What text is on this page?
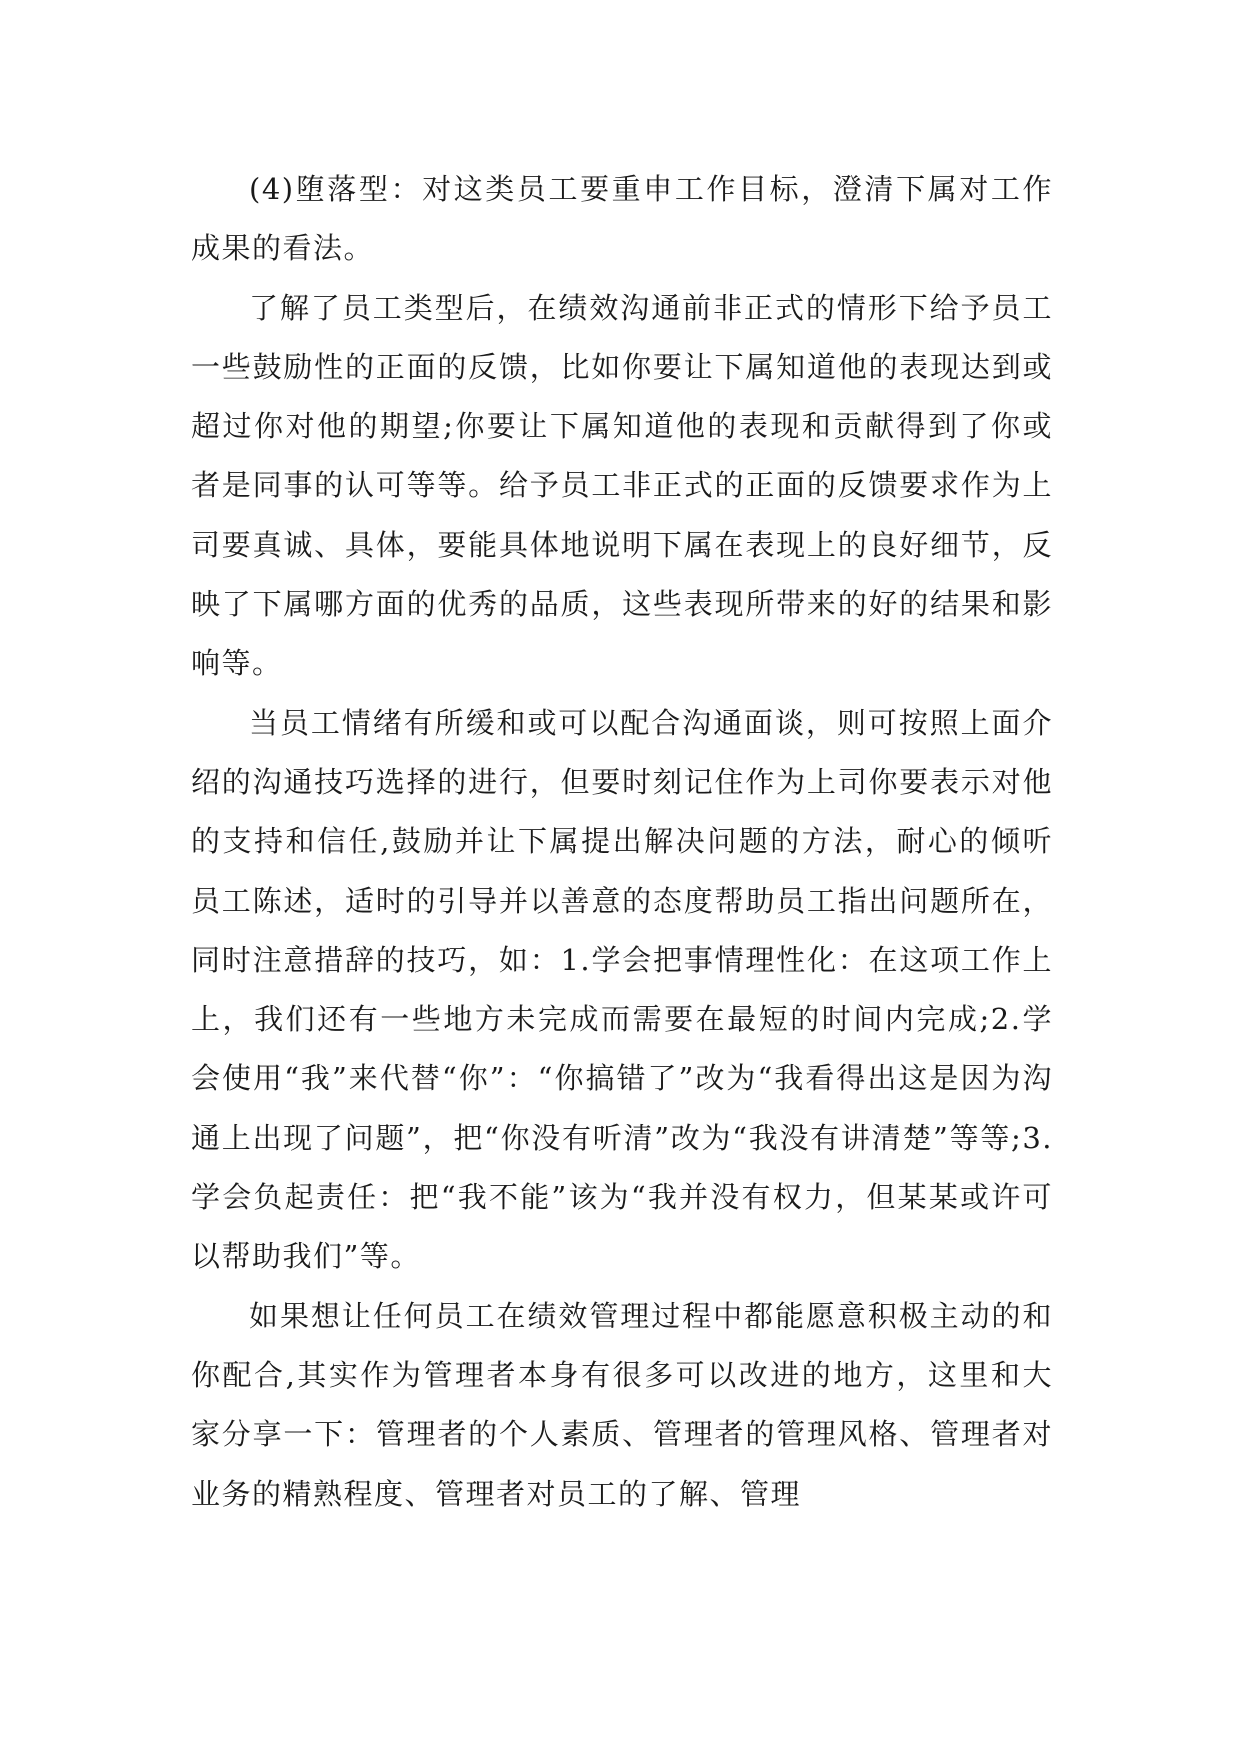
(4)堕落型：对这类员工要重申工作目标，澄清下属对工作成果的看法。

了解了员工类型后，在绩效沟通前非正式的情形下给予员工一些鼓励性的正面的反馈，比如你要让下属知道他的表现达到或超过你对他的期望;你要让下属知道他的表现和贡献得到了你或者是同事的认可等等。给予员工非正式的正面的反馈要求作为上司要真诚、具体，要能具体地说明下属在表现上的良好细节，反映了下属哪方面的优秀的品质，这些表现所带来的好的结果和影响等。

当员工情绪有所缓和或可以配合沟通面谈，则可按照上面介绍的沟通技巧选择的进行，但要时刻记住作为上司你要表示对他的支持和信任,鼓励并让下属提出解决问题的方法，耐心的倾听员工陈述，适时的引导并以善意的态度帮助员工指出问题所在，同时注意措辞的技巧，如：1.学会把事情理性化：在这项工作上上，我们还有一些地方未完成而需要在最短的时间内完成;2.学会使用“我”来代替“你”：“你搞错了”改为“我看得出这是因为沟通上出现了问题”，把“你没有听清”改为“我没有讲清楚”等等;3.学会负起责任：把“我不能”该为“我并没有权力，但某某或许可以帮助我们”等。

如果想让任何员工在绩效管理过程中都能愿意积极主动的和你配合,其实作为管理者本身有很多可以改进的地方，这里和大家分享一下：管理者的个人素质、管理者的管理风格、管理者对业务的精熟程度、管理者对员工的了解、管理
